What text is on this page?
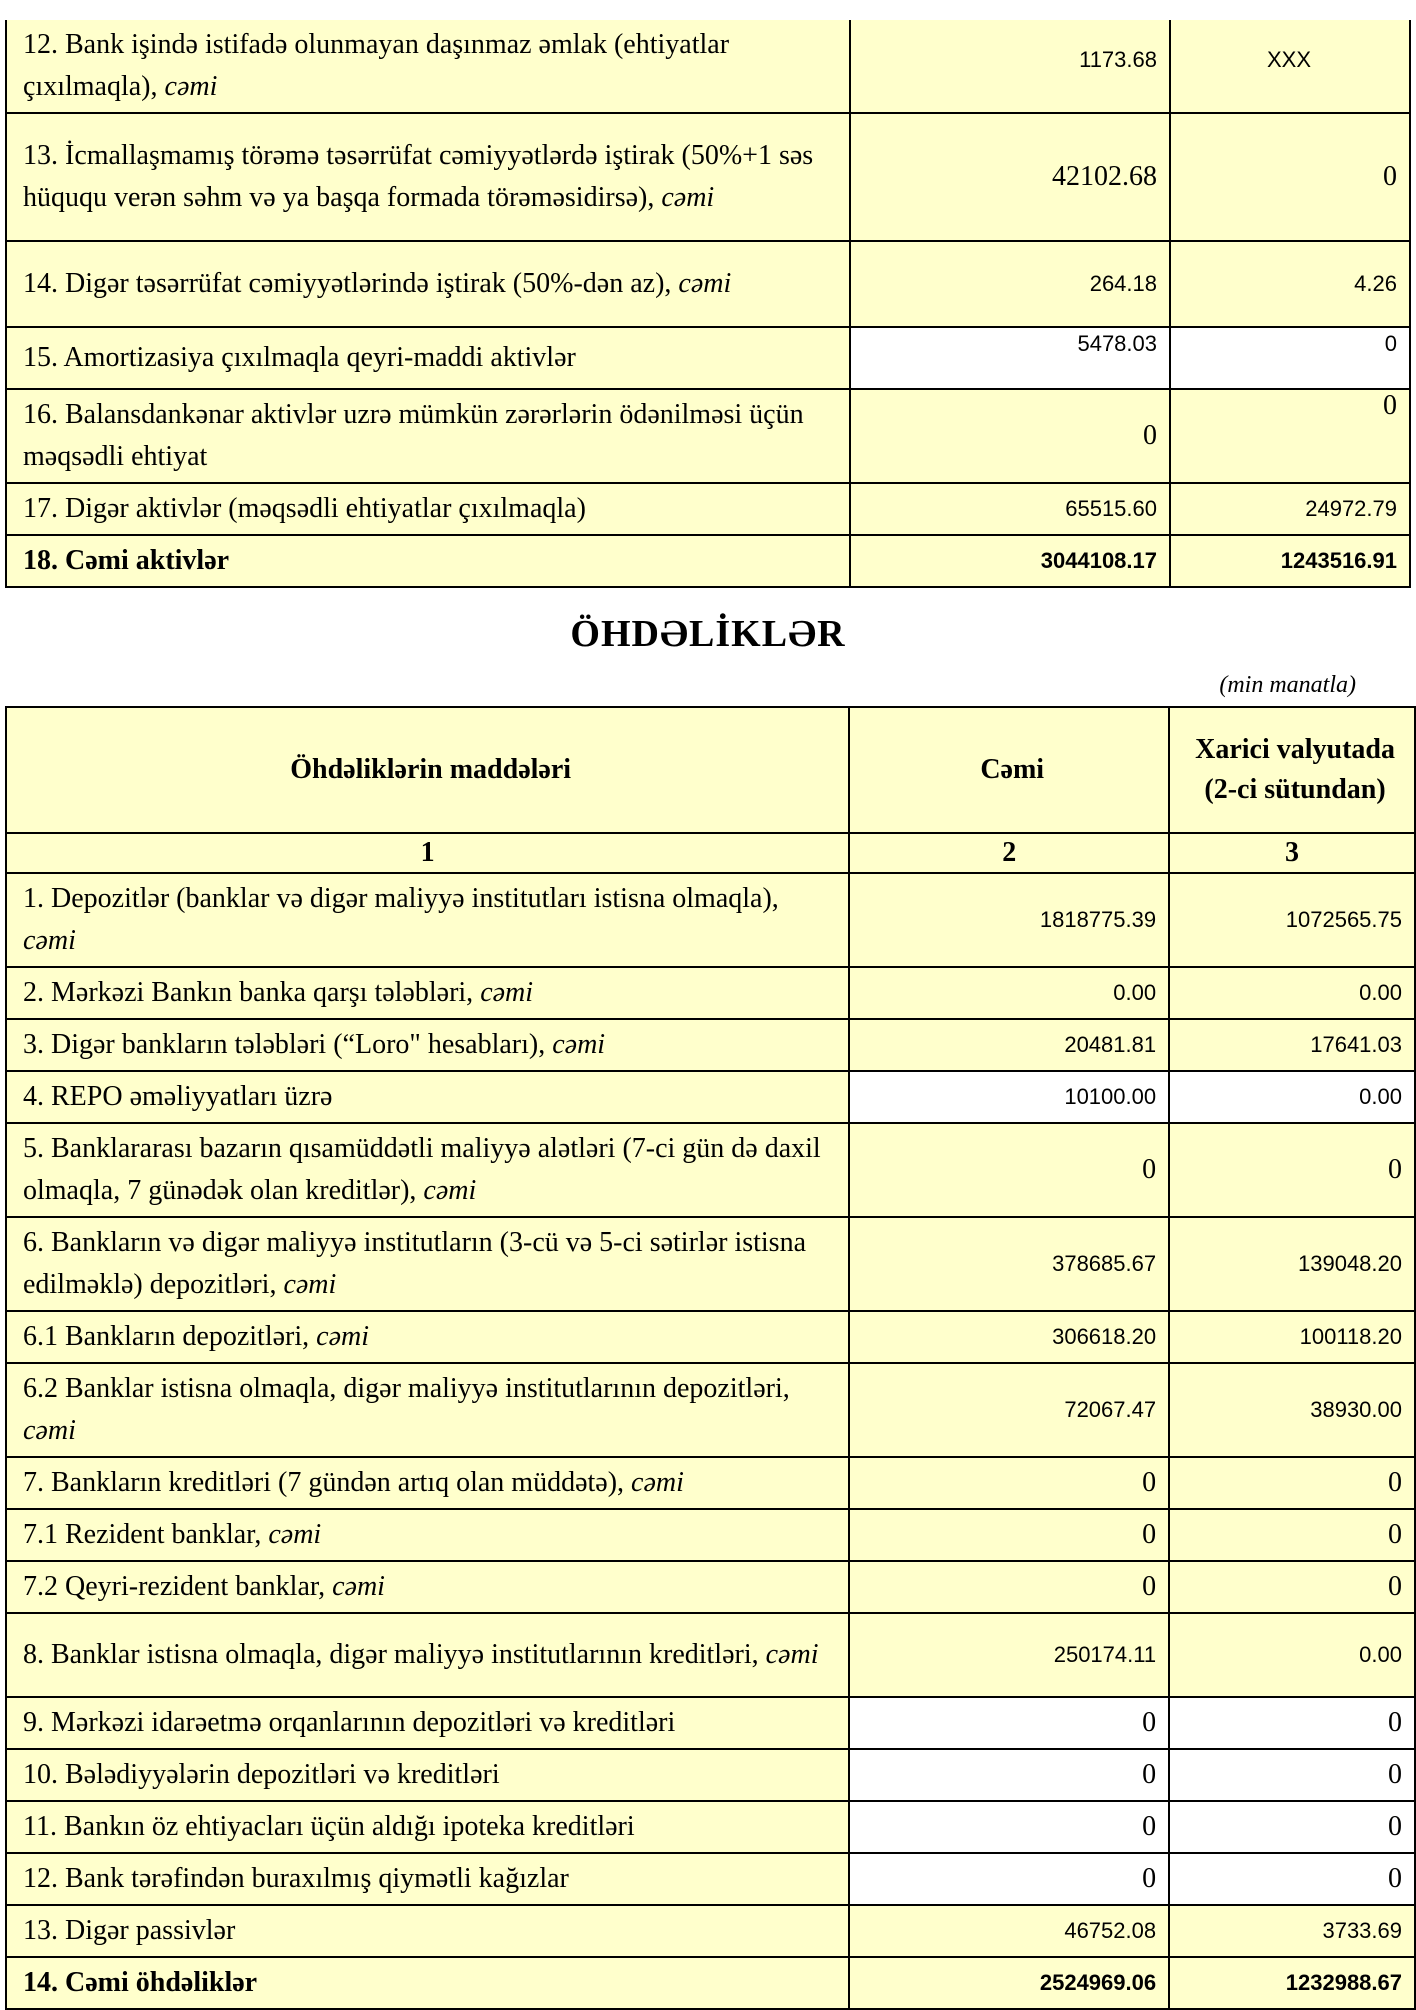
12. Bank işində istifadə olunmayan daşınmaz əmlak (ehtiyatlar çıxılmaqla), cəmi	1173.68	XXX
13. İcmallaşmamış törəmə təsərrüfat cəmiyyətlərdə iştirak (50%+1 səs hüququ verən səhm və ya başqa formada törəməsidirsə), cəmi	42102.68	0
14. Digər təsərrüfat cəmiyyətlərində iştirak (50%-dən az), cəmi	264.18	4.26
15. Amortizasiya çıxılmaqla qeyri-maddi aktivlər	5478.03	0
16. Balansdankənar aktivlər uzrə mümkün zərərlərin ödənilməsi üçün məqsədli ehtiyat	0	0
17. Digər aktivlər (məqsədli ehtiyatlar çıxılmaqla)	65515.60	24972.79
18. Cəmi aktivlər	3044108.17	1243516.91
ÖHDƏLİKLƏR
(min manatla)
Öhdəliklərin maddələri	Cəmi	Xarici valyutada (2-ci sütundan)
1	2	3
1. Depozitlər (banklar və digər maliyyə institutları istisna olmaqla), cəmi	1818775.39	1072565.75
2. Mərkəzi Bankın banka qarşı tələbləri, cəmi	0.00	0.00
3. Digər bankların tələbləri (“Loro" hesabları), cəmi	20481.81	17641.03
4. REPO əməliyyatları üzrə	10100.00	0.00
5. Banklararası bazarın qısamüddətli maliyyə alətləri (7-ci gün də daxil olmaqla, 7 günədək olan kreditlər), cəmi	0	0
6. Bankların və digər maliyyə institutların (3-cü və 5-ci sətirlər istisna edilməklə) depozitləri, cəmi	378685.67	139048.20
6.1 Bankların depozitləri, cəmi	306618.20	100118.20
6.2 Banklar istisna olmaqla, digər maliyyə institutlarının depozitləri, cəmi	72067.47	38930.00
7. Bankların kreditləri (7 gündən artıq olan müddətə), cəmi	0	0
7.1 Rezident banklar, cəmi	0	0
7.2 Qeyri-rezident banklar, cəmi	0	0
8. Banklar istisna olmaqla, digər maliyyə institutlarının kreditləri, cəmi	250174.11	0.00
9. Mərkəzi idarəetmə orqanlarının depozitləri və kreditləri	0	0
10. Bələdiyyələrin depozitləri və kreditləri	0	0
11. Bankın öz ehtiyacları üçün aldığı ipoteka kreditləri	0	0
12. Bank tərəfindən buraxılmış qiymətli kağızlar	0	0
13. Digər passivlər	46752.08	3733.69
14. Cəmi öhdəliklər	2524969.06	1232988.67
